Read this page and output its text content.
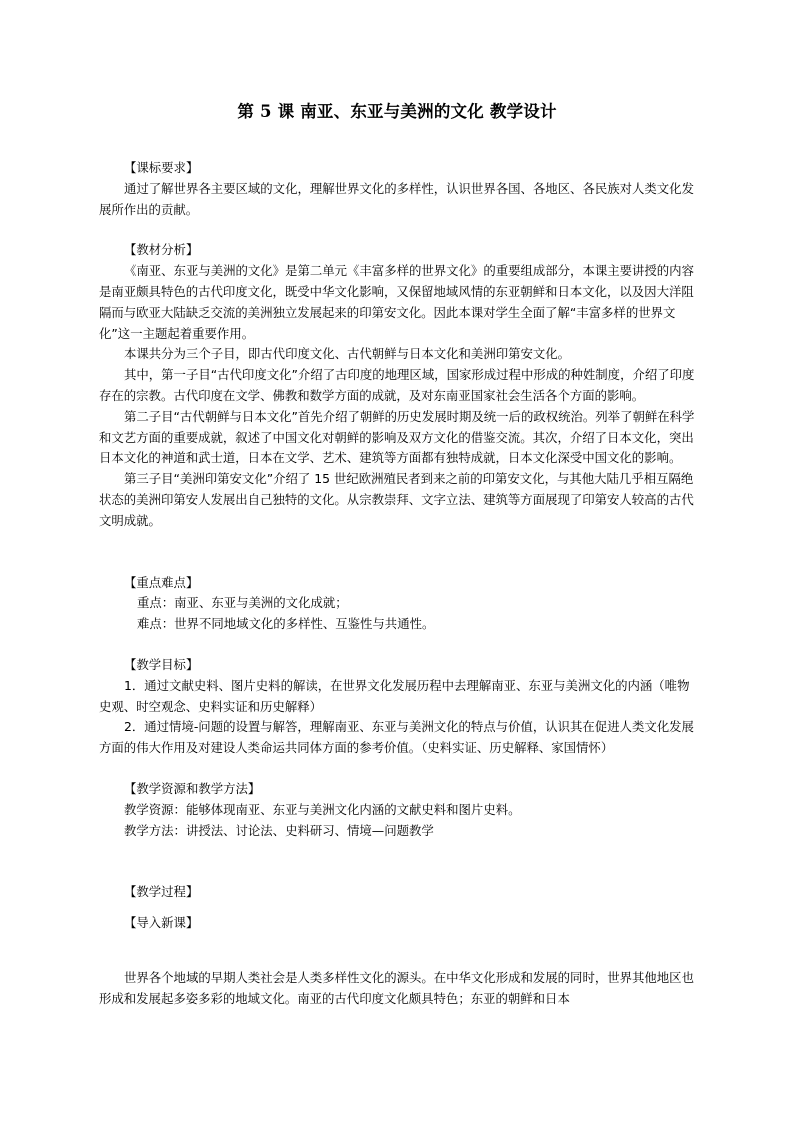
第 5 课 南亚、东亚与美洲的文化 教学设计

【课标要求】

通过了解世界各主要区域的文化，理解世界文化的多样性，认识世界各国、各地区、各民族对人类文化发展所作出的贡献。

【教材分析】

《南亚、东亚与美洲的文化》是第二单元《丰富多样的世界文化》的重要组成部分，本课主要讲授的内容是南亚颇具特色的古代印度文化，既受中华文化影响，又保留地域风情的东亚朝鲜和日本文化，以及因大洋阻隔而与欧亚大陆缺乏交流的美洲独立发展起来的印第安文化。因此本课对学生全面了解“丰富多样的世界文化”这一主题起着重要作用。

本课共分为三个子目，即古代印度文化、古代朝鲜与日本文化和美洲印第安文化。

其中，第一子目“古代印度文化”介绍了古印度的地理区域，国家形成过程中形成的种姓制度，介绍了印度存在的宗教。古代印度在文学、佛教和数学方面的成就，及对东南亚国家社会生活各个方面的影响。

第二子目“古代朝鲜与日本文化”首先介绍了朝鲜的历史发展时期及统一后的政权统治。列举了朝鲜在科学和文艺方面的重要成就，叙述了中国文化对朝鲜的影响及双方文化的借鉴交流。其次，介绍了日本文化，突出日本文化的神道和武士道，日本在文学、艺术、建筑等方面都有独特成就，日本文化深受中国文化的影响。

第三子目“美洲印第安文化”介绍了 15 世纪欧洲殖民者到来之前的印第安文化，与其他大陆几乎相互隔绝状态的美洲印第安人发展出自己独特的文化。从宗教崇拜、文字立法、建筑等方面展现了印第安人较高的古代文明成就。

【重点难点】

重点：南亚、东亚与美洲的文化成就；

难点：世界不同地域文化的多样性、互鉴性与共通性。

【教学目标】

1．通过文献史料、图片史料的解读，在世界文化发展历程中去理解南亚、东亚与美洲文化的内涵（唯物史观、时空观念、史料实证和历史解释）

2．通过情境-问题的设置与解答，理解南亚、东亚与美洲文化的特点与价值，认识其在促进人类文化发展方面的伟大作用及对建设人类命运共同体方面的参考价值。（史料实证、历史解释、家国情怀）

【教学资源和教学方法】

教学资源：能够体现南亚、东亚与美洲文化内涵的文献史料和图片史料。

教学方法：讲授法、讨论法、史料研习、情境—问题教学

【教学过程】

【导入新课】

世界各个地域的早期人类社会是人类多样性文化的源头。在中华文化形成和发展的同时，世界其他地区也形成和发展起多姿多彩的地域文化。南亚的古代印度文化颇具特色；东亚的朝鲜和日本
